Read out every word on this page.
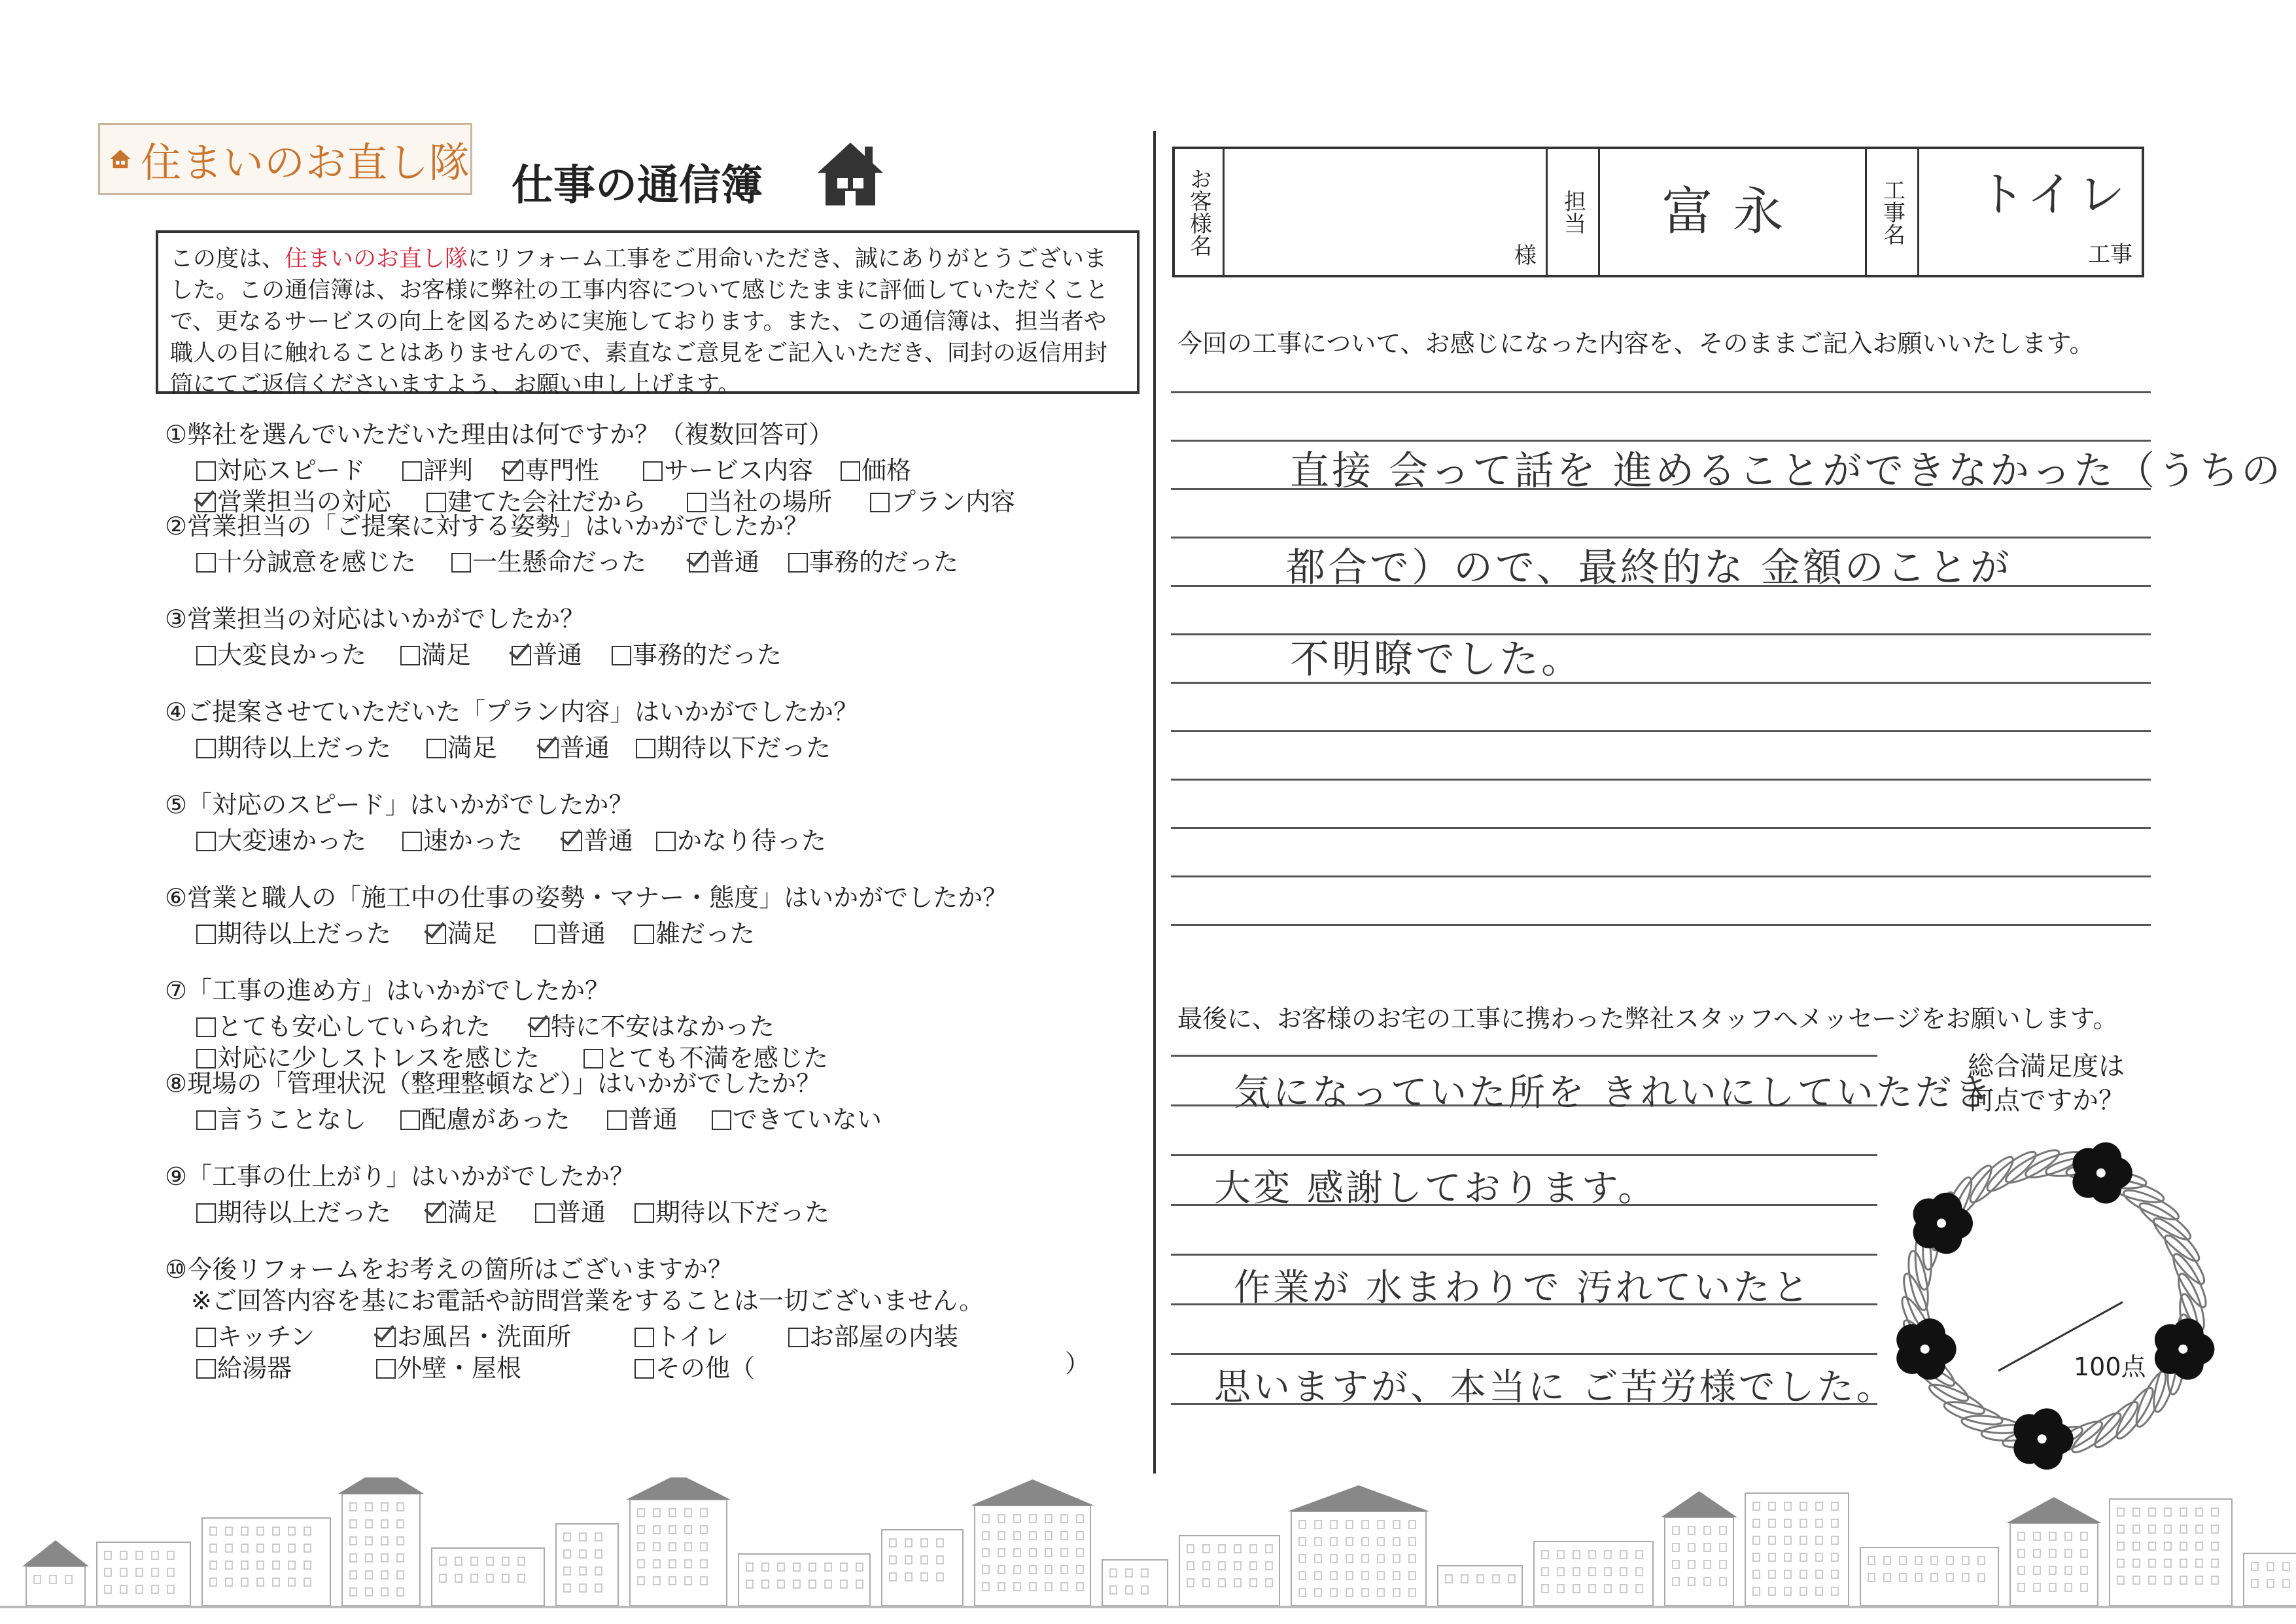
住まいのお直し隊 仕事の通信簿
この度は、住まいのお直し隊にリフォーム工事をご用命いただき、誠にありがとうございました。この通信簿は、お客様に弊社の工事内容について感じたままに評価していただくことで、更なるサービスの向上を図るために実施しております。また、この通信簿は、担当者や職人の目に触れることはありませんので、素直なご意見をご記入いただき、同封の返信用封筒にてご返信くださいますよう、お願い申し上げます。
①弊社を選んでいただいた理由は何ですか？（複数回答可）
対応スピード	評判	専門性	サービス内容	価格
営業担当の対応	建てた会社だから	当社の場所	プラン内容
②営業担当の「ご提案に対する姿勢」はいかがでしたか？
十分誠意を感じた	一生懸命だった	普通	事務的だった
③営業担当の対応はいかがでしたか？
大変良かった	満足	普通	事務的だった
④ご提案させていただいた「プラン内容」はいかがでしたか？
期待以上だった	満足	普通	期待以下だった
⑤「対応のスピード」はいかがでしたか？
大変速かった	速かった	普通	かなり待った
⑥営業と職人の「施工中の仕事の姿勢・マナー・態度」はいかがでしたか？
期待以上だった	満足	普通	雑だった
⑦「工事の進め方」はいかがでしたか？
とても安心していられた	特に不安はなかった
対応に少しストレスを感じた	とても不満を感じた
⑧現場の「管理状況（整理整頓など）」はいかがでしたか？
言うことなし	配慮があった	普通	できていない
⑨「工事の仕上がり」はいかがでしたか？
期待以上だった	満足	普通	期待以下だった
⑩今後リフォームをお考えの箇所はございますか？
※ご回答内容を基にお電話や訪問営業をすることは一切ございません。
キッチン	お風呂・洗面所	トイレ	お部屋の内装
給湯器	外壁・屋根	その他（	）
お客様名	様
担当 富永	工事名 トイレ
工事
今回の工事について、お感じになった内容を、そのままご記入お願いいたします。
直接 会って話を 進めることができなかった（うちの
都合で）ので、最終的な 金額のことが
不明瞭でした。
最後に、お客様のお宅の工事に携わった弊社スタッフへメッセージをお願いします。
気になっていた所を きれいにしていただき
大変 感謝しております。
作業が 水まわりで 汚れていたと
思いますが、本当に ご苦労様でした。
総合満足度は
何点ですか？
100点
